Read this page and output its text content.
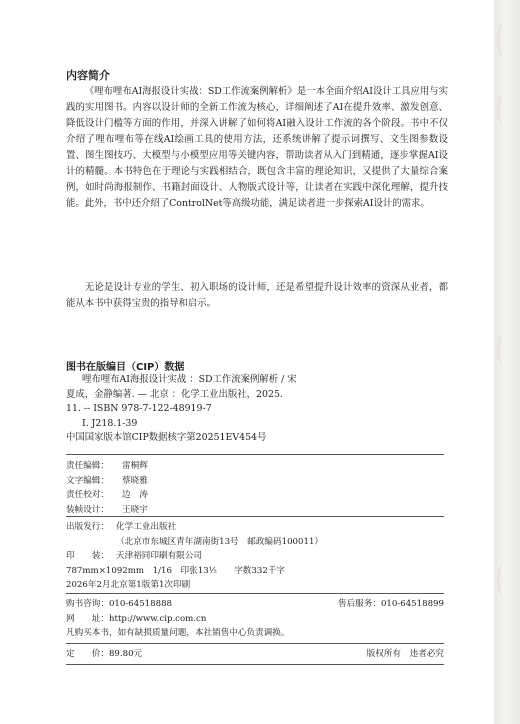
内容简介

《哩布哩布AI海报设计实战：SD工作流案例解析》是一本全面介绍AI设计工具应用与实践的实用图书。内容以设计师的全新工作流为核心，详细阐述了AI在提升效率、激发创意、降低设计门槛等方面的作用，并深入讲解了如何将AI融入设计工作流的各个阶段。书中不仅介绍了哩布哩布等在线AI绘画工具的使用方法，还系统讲解了提示词撰写、文生图参数设置、图生图技巧、大模型与小模型应用等关键内容，帮助读者从入门到精通，逐步掌握AI设计的精髓。本书特色在于理论与实践相结合，既包含丰富的理论知识，又提供了大量综合案例，如时尚海报制作、书籍封面设计、人物版式设计等，让读者在实践中深化理解，提升技能。此外，书中还介绍了ControlNet等高级功能，满足读者进一步探索AI设计的需求。

无论是设计专业的学生、初入职场的设计师，还是希望提升设计效率的资深从业者，都能从本书中获得宝贵的指导和启示。

图书在版编目（CIP）数据
哩布哩布AI海报设计实战 ：SD工作流案例解析 / 宋
夏成，金静编著. — 北京 ：化学工业出版社，2025.
11. -- ISBN 978-7-122-48919-7
Ⅰ. J218.1-39
中国国家版本馆CIP数据核字第20251EV454号
责任编辑： 雷桐辉
文字编辑： 蔡晓雅
责任校对： 边　涛
装帧设计： 王晓宇
出版发行： 化学工业出版社
（北京市东城区青年湖南街13号　邮政编码100011）
印　　装： 天津裕同印刷有限公司
787mm×1092mm　1/16　印张13½　　字数332千字
2026年2月北京第1版第1次印刷
购书咨询：010-64518888	售后服务：010-64518899
网　　址：http://www.cip.com.cn
凡购买本书，如有缺损质量问题，本社销售中心负责调换。
定　　价：89.80元	版权所有　违者必究
